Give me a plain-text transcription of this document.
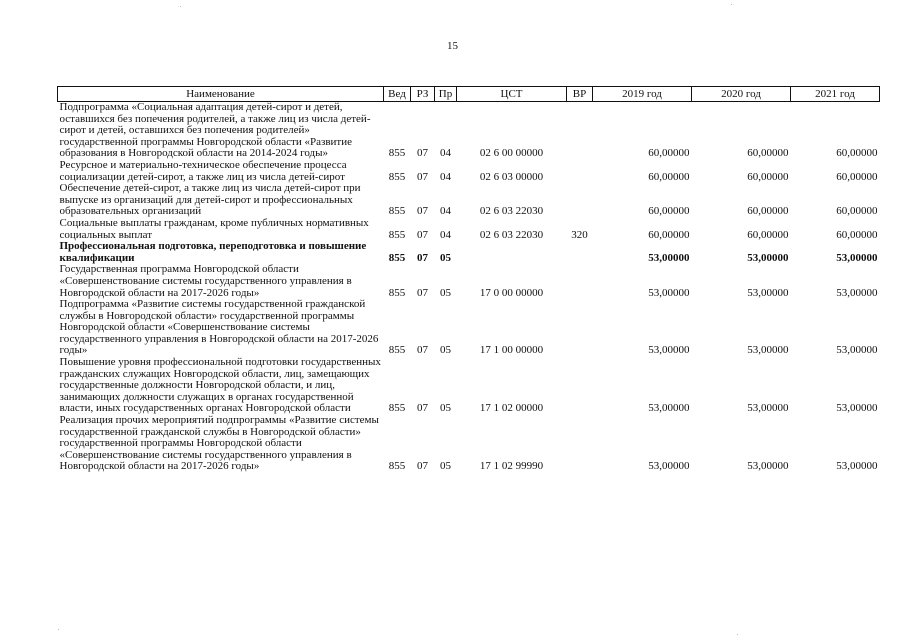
15
Наименование	Вед	РЗ	Пр	ЦСТ	ВР	2019 год	2020 год	2021 год
Подпрограмма «Социальная адаптация детей-сирот и детей, оставшихся без попечения родителей, а также лиц из числа детей-сирот и детей, оставшихся без попечения родителей» государственной программы Новгородской области «Развитие образования в Новгородской области на 2014-2024 годы»	855	07	04	02 6 00 00000		60,00000	60,00000	60,00000
Ресурсное и материально-техническое обеспечение процесса социализации детей-сирот, а также лиц из числа детей-сирот	855	07	04	02 6 03 00000		60,00000	60,00000	60,00000
Обеспечение детей-сирот, а также лиц из числа детей-сирот при выпуске из организаций для детей-сирот и профессиональных образовательных организаций	855	07	04	02 6 03 22030		60,00000	60,00000	60,00000
Социальные выплаты гражданам, кроме публичных нормативных социальных выплат	855	07	04	02 6 03 22030	320	60,00000	60,00000	60,00000
Профессиональная подготовка, переподготовка и повышение квалификации	855	07	05			53,00000	53,00000	53,00000
Государственная программа Новгородской области «Совершенствование системы государственного управления в Новгородской области на 2017-2026 годы»	855	07	05	17 0 00 00000		53,00000	53,00000	53,00000
Подпрограмма «Развитие системы государственной гражданской службы в Новгородской области» государственной программы Новгородской области «Совершенствование системы государственного управления в Новгородской области на 2017-2026 годы»	855	07	05	17 1 00 00000		53,00000	53,00000	53,00000
Повышение уровня профессиональной подготовки государственных гражданских служащих Новгородской области, лиц, замещающих государственные должности Новгородской области, и лиц, занимающих должности служащих в органах государственной власти, иных государственных органах Новгородской области	855	07	05	17 1 02 00000		53,00000	53,00000	53,00000
Реализация прочих мероприятий подпрограммы «Развитие системы государственной гражданской службы в Новгородской области» государственной программы Новгородской области «Совершенствование системы государственного управления в Новгородской области на 2017-2026 годы»	855	07	05	17 1 02 99990		53,00000	53,00000	53,00000
